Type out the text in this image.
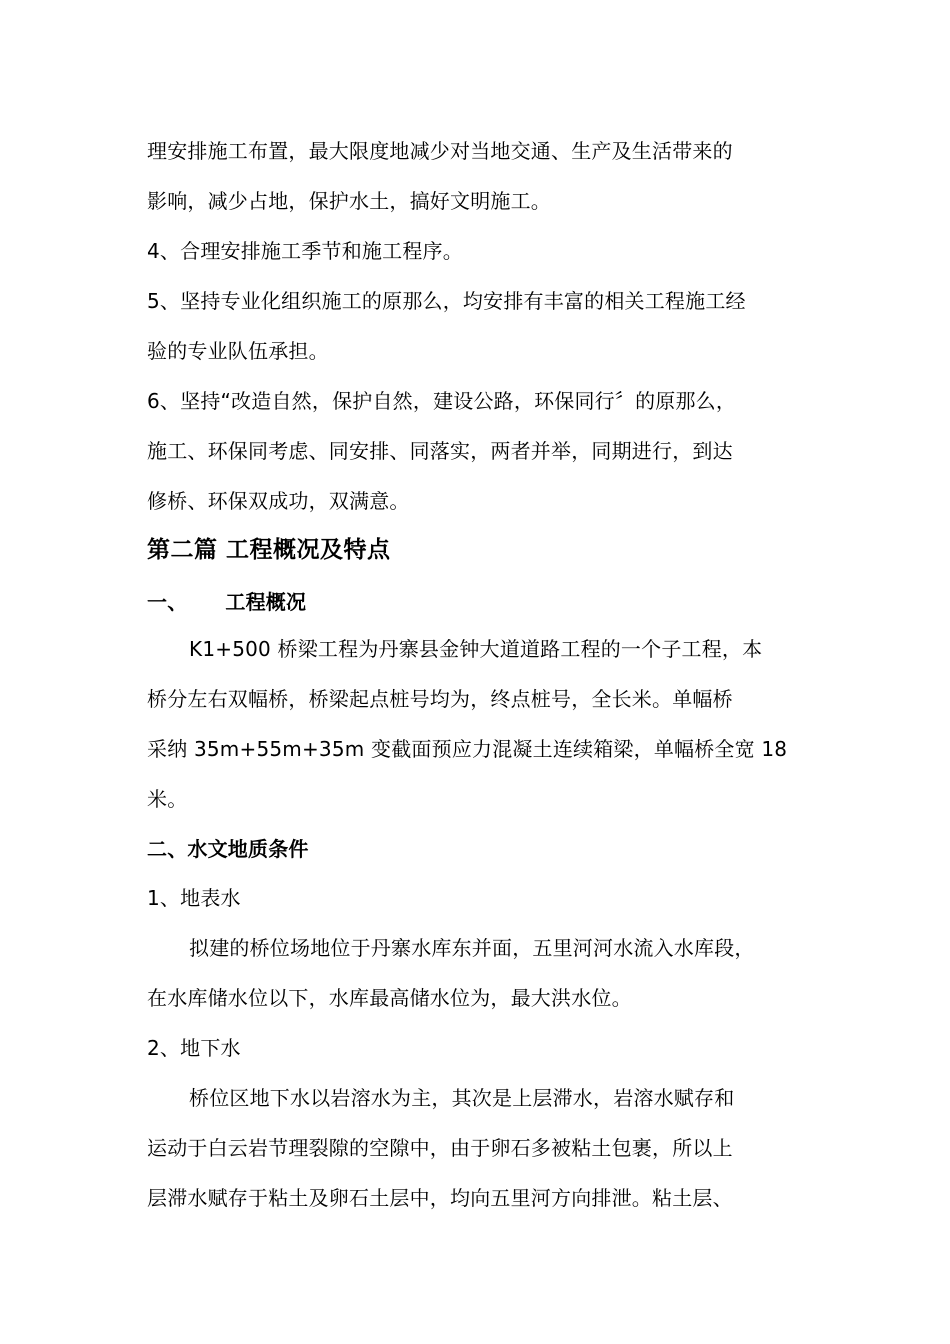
理安排施工布置，最大限度地减少对当地交通、生产及生活带来的
影响，减少占地，保护水土，搞好文明施工。
4、合理安排施工季节和施工程序。
5、坚持专业化组织施工的原那么，均安排有丰富的相关工程施工经
验的专业队伍承担。
6、坚持“改造自然，保护自然，建设公路，环保同行〞的原那么，
施工、环保同考虑、同安排、同落实，两者并举，同期进行，到达
修桥、环保双成功，双满意。
第二篇 工程概况及特点
一、 工程概况
K1+500 桥梁工程为丹寨县金钟大道道路工程的一个子工程，本
桥分左右双幅桥，桥梁起点桩号均为，终点桩号，全长米。单幅桥
采纳 35m+55m+35m 变截面预应力混凝土连续箱梁，单幅桥全宽 18
米。
二、水文地质条件
1、地表水
拟建的桥位场地位于丹寨水库东并面，五里河河水流入水库段，
在水库储水位以下，水库最高储水位为，最大洪水位。
2、地下水
桥位区地下水以岩溶水为主，其次是上层滞水，岩溶水赋存和
运动于白云岩节理裂隙的空隙中，由于卵石多被粘土包裹，所以上
层滞水赋存于粘土及卵石土层中，均向五里河方向排泄。粘土层、
